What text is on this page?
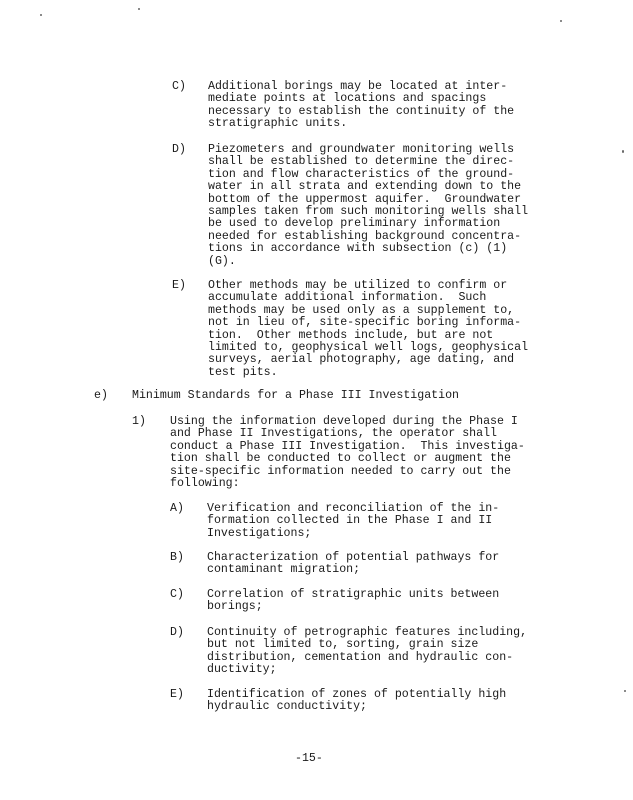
C) Additional borings may be located at inter-
mediate points at locations and spacings
necessary to establish the continuity of the
stratigraphic units.
D) Piezometers and groundwater monitoring wells
shall be established to determine the direc-
tion and flow characteristics of the ground-
water in all strata and extending down to the
bottom of the uppermost aquifer.  Groundwater
samples taken from such monitoring wells shall
be used to develop preliminary information
needed for establishing background concentra-
tions in accordance with subsection (c) (1)
(G).
E) Other methods may be utilized to confirm or
accumulate additional information.  Such
methods may be used only as a supplement to,
not in lieu of, site-specific boring informa-
tion.  Other methods include, but are not
limited to, geophysical well logs, geophysical
surveys, aerial photography, age dating, and
test pits.
e) Minimum Standards for a Phase III Investigation
1) Using the information developed during the Phase I
and Phase II Investigations, the operator shall
conduct a Phase III Investigation.  This investiga-
tion shall be conducted to collect or augment the
site-specific information needed to carry out the
following:
A) Verification and reconciliation of the in-
formation collected in the Phase I and II
Investigations;
B) Characterization of potential pathways for
contaminant migration;
C) Correlation of stratigraphic units between
borings;
D) Continuity of petrographic features including,
but not limited to, sorting, grain size
distribution, cementation and hydraulic con-
ductivity;
E) Identification of zones of potentially high
hydraulic conductivity;
-15-
